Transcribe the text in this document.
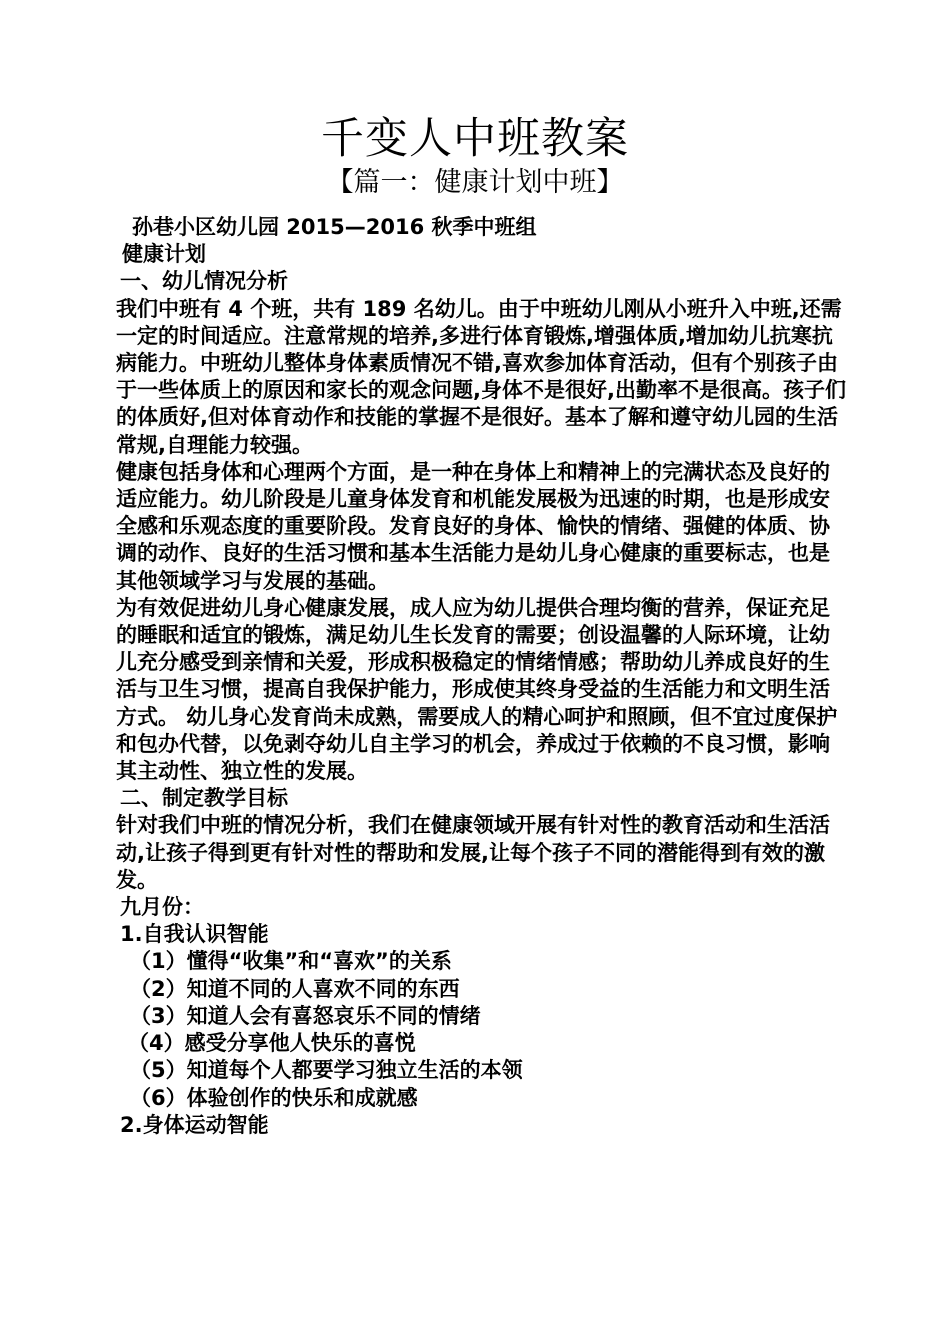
千变人中班教案
【篇一：健康计划中班】

孙巷小区幼儿园 2015—2016 秋季中班组

健康计划

一、幼儿情况分析

我们中班有 4 个班，共有 189 名幼儿。由于中班幼儿刚从小班升入中班,还需一定的时间适应。注意常规的培养,多进行体育锻炼,增强体质,增加幼儿抗寒抗病能力。中班幼儿整体身体素质情况不错,喜欢参加体育活动，但有个别孩子由于一些体质上的原因和家长的观念问题,身体不是很好,出勤率不是很高。孩子们的体质好,但对体育动作和技能的掌握不是很好。基本了解和遵守幼儿园的生活常规,自理能力较强。

健康包括身体和心理两个方面，是一种在身体上和精神上的完满状态及良好的适应能力。幼儿阶段是儿童身体发育和机能发展极为迅速的时期，也是形成安全感和乐观态度的重要阶段。发育良好的身体、愉快的情绪、强健的体质、协调的动作、良好的生活习惯和基本生活能力是幼儿身心健康的重要标志，也是其他领域学习与发展的基础。

为有效促进幼儿身心健康发展，成人应为幼儿提供合理均衡的营养，保证充足的睡眠和适宜的锻炼，满足幼儿生长发育的需要；创设温馨的人际环境，让幼儿充分感受到亲情和关爱，形成积极稳定的情绪情感；帮助幼儿养成良好的生活与卫生习惯，提高自我保护能力，形成使其终身受益的生活能力和文明生活方式。 幼儿身心发育尚未成熟，需要成人的精心呵护和照顾，但不宜过度保护和包办代替，以免剥夺幼儿自主学习的机会，养成过于依赖的不良习惯，影响其主动性、独立性的发展。

二、制定教学目标

针对我们中班的情况分析，我们在健康领域开展有针对性的教育活动和生活活动,让孩子得到更有针对性的帮助和发展,让每个孩子不同的潜能得到有效的激发。

九月份：

1.自我认识智能

（1）懂得“收集”和“喜欢”的关系

（2）知道不同的人喜欢不同的东西

（3）知道人会有喜怒哀乐不同的情绪

（4）感受分享他人快乐的喜悦

（5）知道每个人都要学习独立生活的本领

（6）体验创作的快乐和成就感

2.身体运动智能
